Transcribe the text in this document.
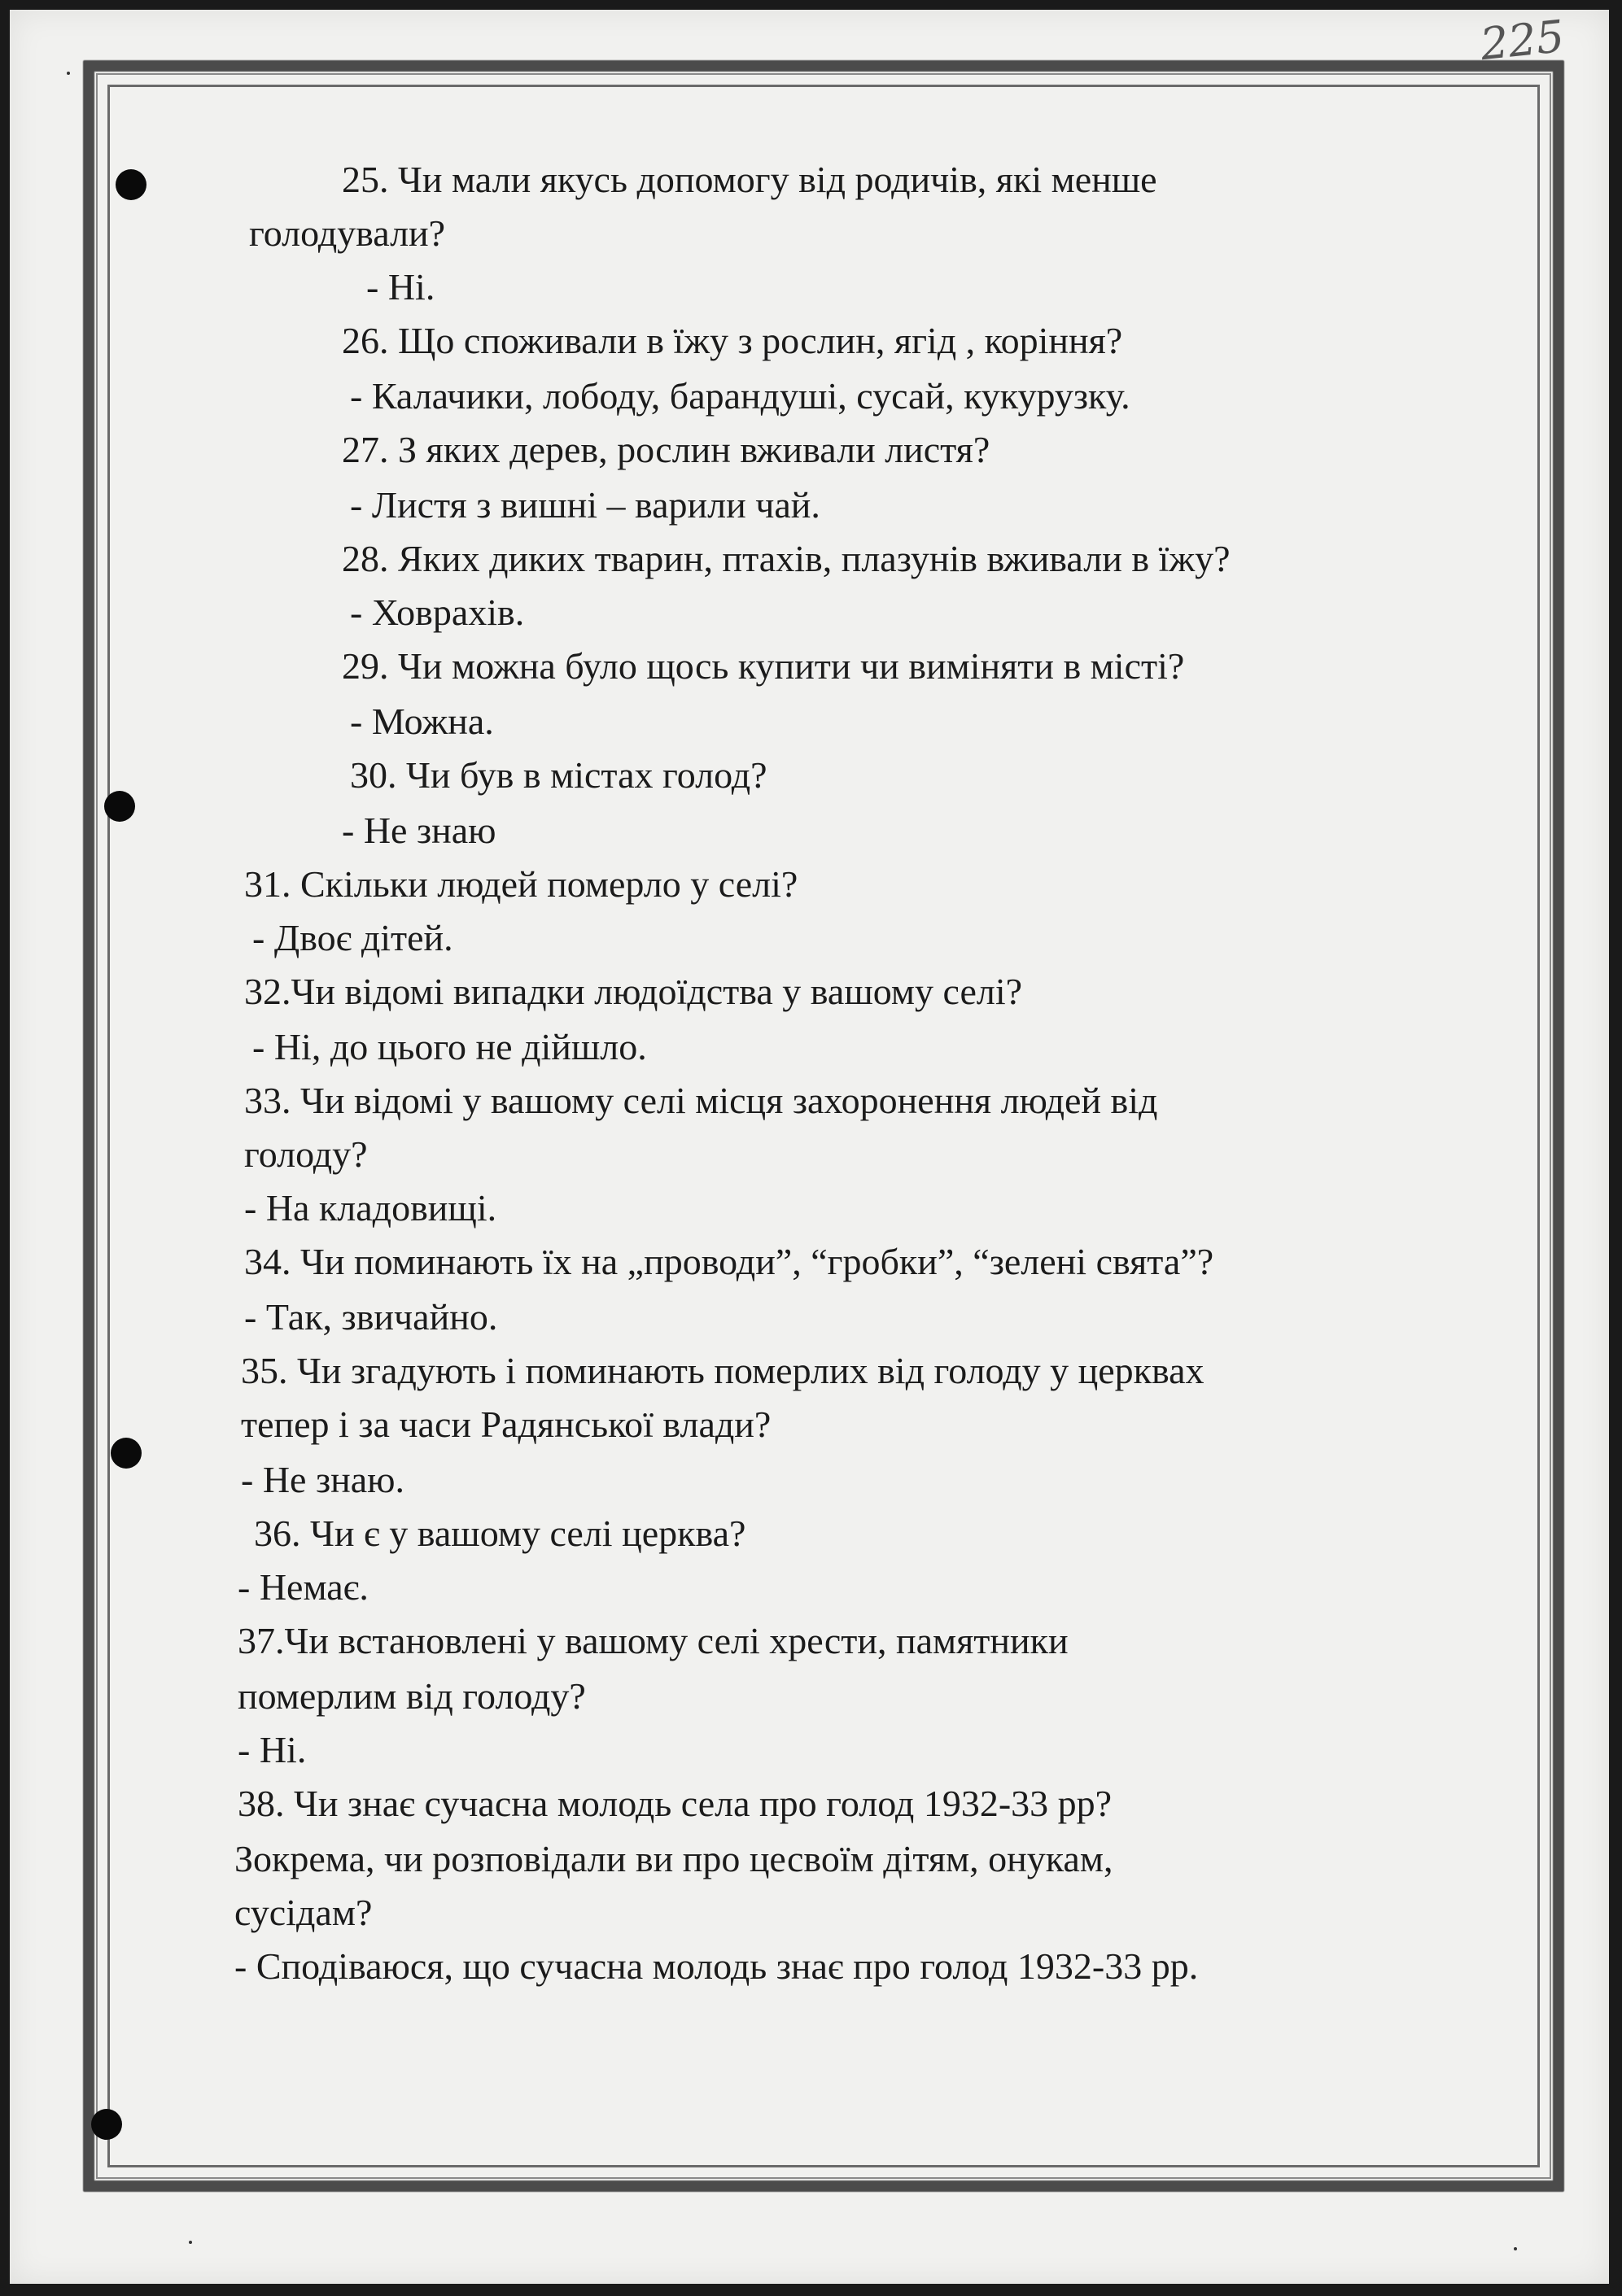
225
25. Чи мали якусь допомогу від родичів, які менше
голодували?
- Ні.
26. Що споживали в їжу з рослин, ягід , коріння?
- Калачики, лободу, барандуші, сусай, кукурузку.
27. З яких дерев, рослин вживали листя?
- Листя з вишні – варили чай.
28. Яких диких тварин, птахів, плазунів вживали в їжу?
- Ховрахів.
29. Чи можна було щось купити чи виміняти в місті?
- Можна.
30. Чи був в містах голод?
- Не знаю
31. Скільки людей померло у селі?
- Двоє дітей.
32.Чи відомі випадки людоїдства у вашому селі?
- Ні, до цього не дійшло.
33. Чи відомі у вашому селі місця захоронення людей від
голоду?
- На кладовищі.
34. Чи поминають їх на „проводи”, “гробки”, “зелені свята”?
- Так, звичайно.
35. Чи згадують і поминають померлих від голоду у церквах
тепер і за часи Радянської влади?
- Не знаю.
36. Чи є у вашому селі церква?
- Немає.
37.Чи встановлені у вашому селі хрести, памятники
померлим від голоду?
- Ні.
38. Чи знає сучасна молодь села про голод 1932-33 рр?
Зокрема, чи розповідали ви про цесвоїм дітям, онукам,
сусідам?
- Сподіваюся, що сучасна молодь знає про голод 1932-33 рр.
